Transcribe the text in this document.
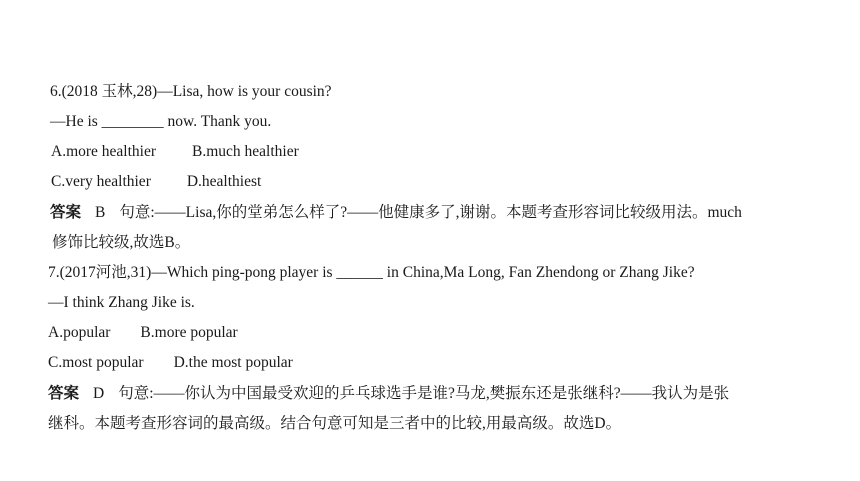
6.(2018 玉林,28)—Lisa, how is your cousin?
—He is ________ now. Thank you.
A.more healthier B.much healthier
C.very healthier D.healthiest
答案 B 句意:——Lisa,你的堂弟怎么样了?——他健康多了,谢谢。本题考查形容词比较级用法。much
修饰比较级,故选B。
7.(2017河池,31)—Which ping-pong player is ______ in China,Ma Long, Fan Zhendong or Zhang Jike?
—I think Zhang Jike is.
A.popular B.more popular
C.most popular D.the most popular
答案 D 句意:——你认为中国最受欢迎的乒乓球选手是谁?马龙,樊振东还是张继科?——我认为是张
继科。本题考查形容词的最高级。结合句意可知是三者中的比较,用最高级。故选D。
